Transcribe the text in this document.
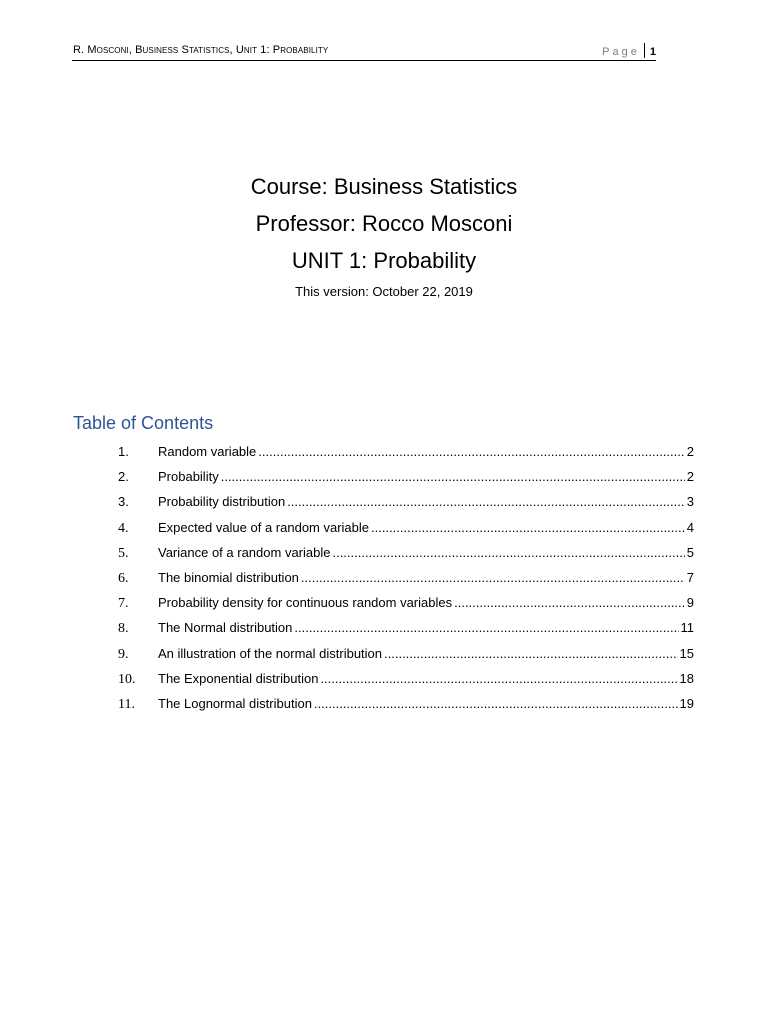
R. Mosconi, Business Statistics, Unit 1: Probability	Page 1
Course: Business Statistics
Professor: Rocco Mosconi
UNIT 1: Probability
This version: October 22, 2019
Table of Contents
1.	Random variable .....	2
2.	Probability .....	2
3.	Probability distribution .....	3
4.	Expected value of a random variable .....	4
5.	Variance of a random variable .....	5
6.	The binomial distribution .....	7
7.	Probability density for continuous random variables .....	9
8.	The Normal distribution .....	11
9.	An illustration of the normal distribution .....	15
10.	The Exponential distribution .....	18
11.	The Lognormal distribution .....	19
